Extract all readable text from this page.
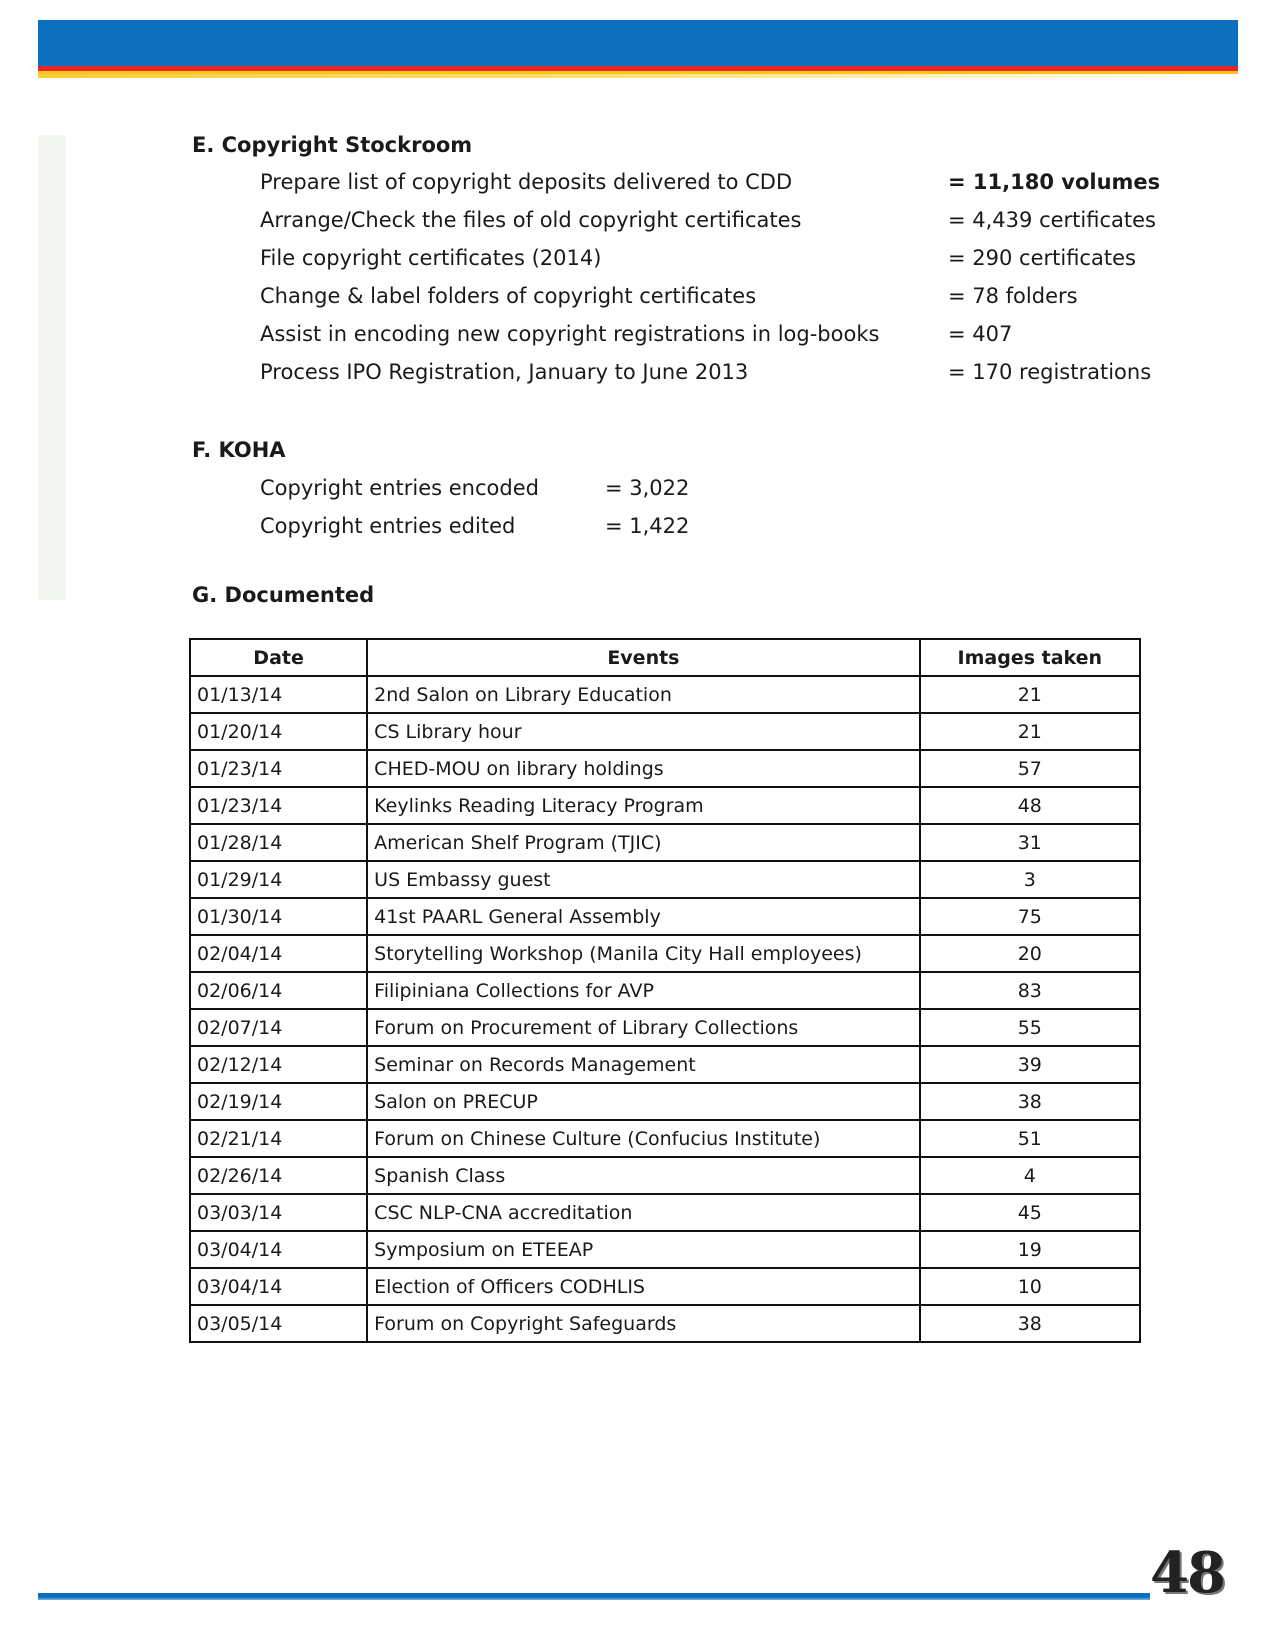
E. Copyright Stockroom
Prepare list of copyright deposits delivered to CDD	= 11,180 volumes
Arrange/Check the files of old copyright certificates	= 4,439 certificates
File copyright certificates (2014)	= 290 certificates
Change & label folders of copyright certificates	= 78 folders
Assist in encoding new copyright registrations in log-books	= 407
Process IPO Registration, January to June 2013	= 170 registrations
F. KOHA
Copyright entries encoded	= 3,022
Copyright entries edited	= 1,422
G. Documented
Date	Events	Images taken
01/13/14	2nd Salon on Library Education	21
01/20/14	CS Library hour	21
01/23/14	CHED-MOU on library holdings	57
01/23/14	Keylinks Reading Literacy Program	48
01/28/14	American Shelf Program (TJIC)	31
01/29/14	US Embassy guest	3
01/30/14	41st PAARL General Assembly	75
02/04/14	Storytelling Workshop (Manila City Hall employees)	20
02/06/14	Filipiniana Collections for AVP	83
02/07/14	Forum on Procurement of Library Collections	55
02/12/14	Seminar on Records Management	39
02/19/14	Salon on PRECUP	38
02/21/14	Forum on Chinese Culture (Confucius Institute)	51
02/26/14	Spanish Class	4
03/03/14	CSC NLP-CNA accreditation	45
03/04/14	Symposium on ETEEAP	19
03/04/14	Election of Officers CODHLIS	10
03/05/14	Forum on Copyright Safeguards	38
48
